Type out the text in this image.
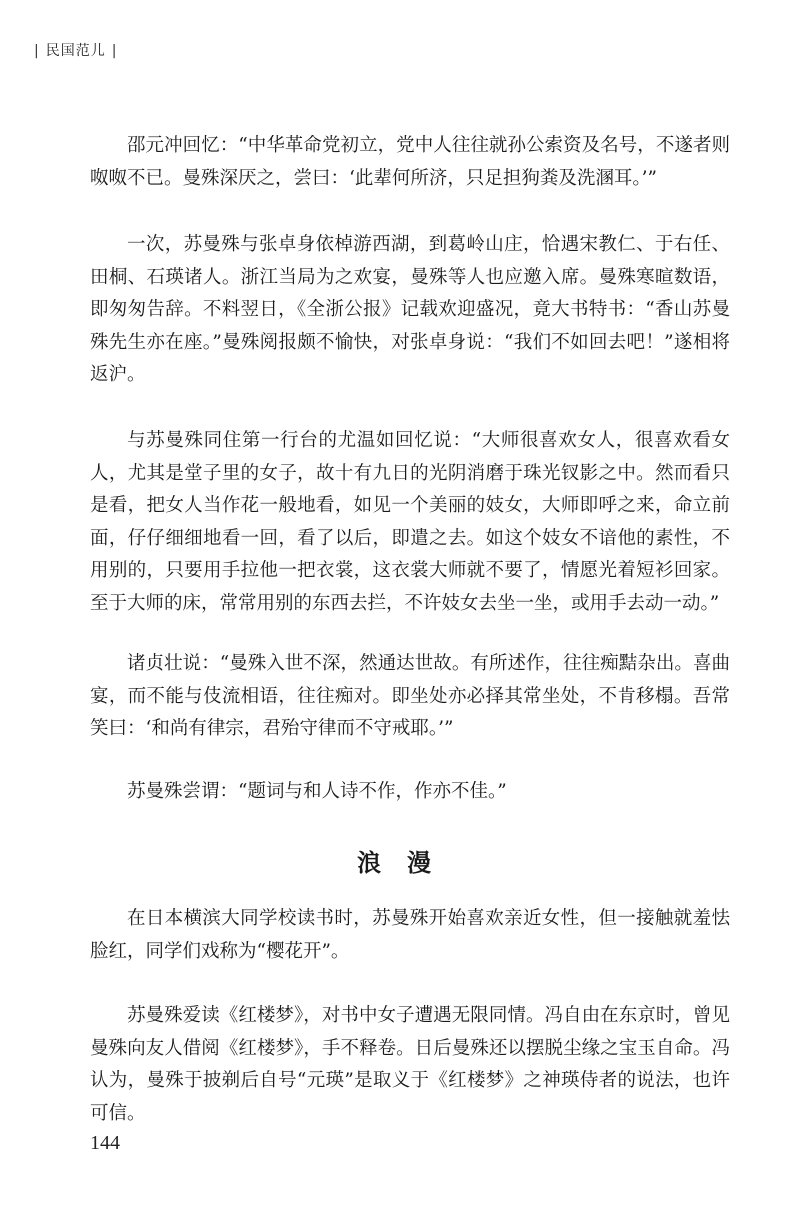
| 民国范儿 |

邵元冲回忆：“中华革命党初立，党中人往往就孙公索资及名号，不遂者则呶呶不已。曼殊深厌之，尝曰：‘此辈何所济，只足担狗粪及洗溷耳。’”

一次，苏曼殊与张卓身依棹游西湖，到葛岭山庄，恰遇宋教仁、于右任、田桐、石瑛诸人。浙江当局为之欢宴，曼殊等人也应邀入席。曼殊寒暄数语，即匆匆告辞。不料翌日，《全浙公报》记载欢迎盛况，竟大书特书：“香山苏曼殊先生亦在座。”曼殊阅报颇不愉快，对张卓身说：“我们不如回去吧！”遂相将返沪。

与苏曼殊同住第一行台的尤温如回忆说：“大师很喜欢女人，很喜欢看女人，尤其是堂子里的女子，故十有九日的光阴消磨于珠光钗影之中。然而看只是看，把女人当作花一般地看，如见一个美丽的妓女，大师即呼之来，命立前面，仔仔细细地看一回，看了以后，即遣之去。如这个妓女不谙他的素性，不用别的，只要用手拉他一把衣裳，这衣裳大师就不要了，情愿光着短衫回家。至于大师的床，常常用别的东西去拦，不许妓女去坐一坐，或用手去动一动。”

诸贞壮说：“曼殊入世不深，然通达世故。有所述作，往往痴黠杂出。喜曲宴，而不能与伎流相语，往往痴对。即坐处亦必择其常坐处，不肯移榻。吾常笑曰：‘和尚有律宗，君殆守律而不守戒耶。’”

苏曼殊尝谓：“题词与和人诗不作，作亦不佳。”

浪漫

在日本横滨大同学校读书时，苏曼殊开始喜欢亲近女性，但一接触就羞怯脸红，同学们戏称为“樱花开”。

苏曼殊爱读《红楼梦》，对书中女子遭遇无限同情。冯自由在东京时，曾见曼殊向友人借阅《红楼梦》，手不释卷。日后曼殊还以摆脱尘缘之宝玉自命。冯认为，曼殊于披剃后自号“元瑛”是取义于《红楼梦》之神瑛侍者的说法，也许可信。

144
